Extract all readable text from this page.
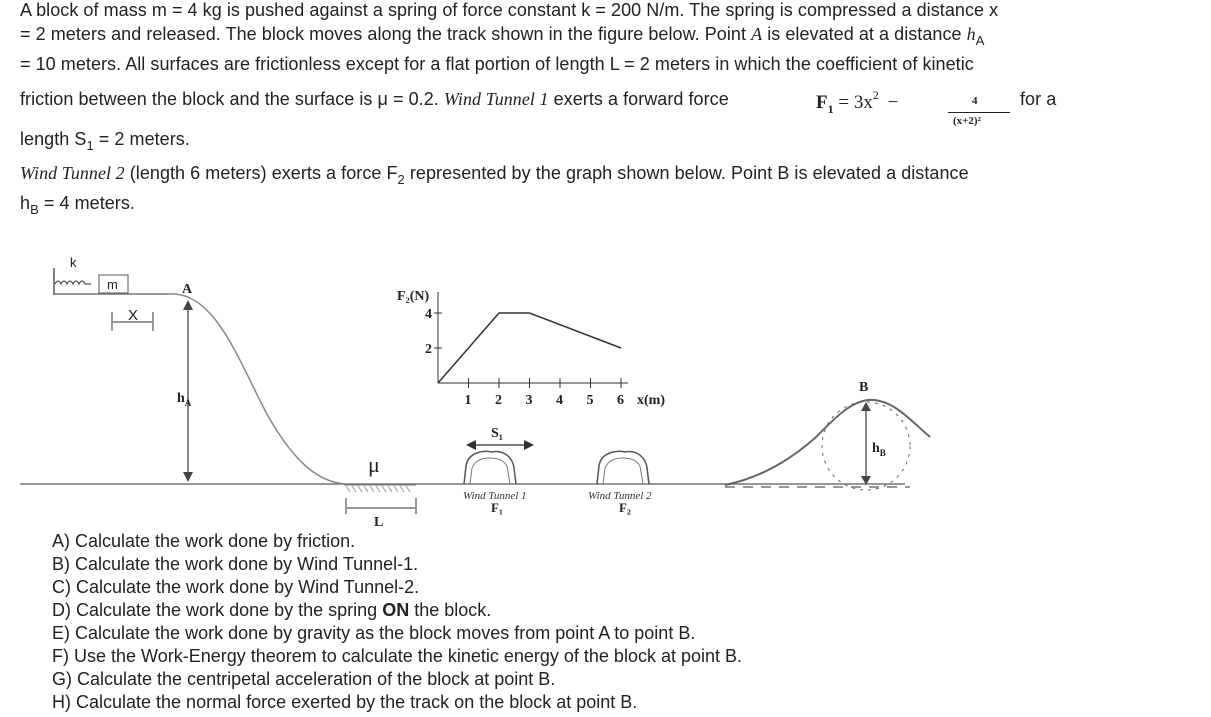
A block of mass m = 4 kg is pushed against a spring of force constant k = 200 N/m. The spring is compressed a distance x
= 2 meters and released. The block moves along the track shown in the figure below. Point A is elevated at a distance $h_A$
= 10 meters. All surfaces are frictionless except for a flat portion of length L = 2 meters in which the coefficient of kinetic
friction between the block and the surface is μ = 0.2. Wind Tunnel 1 exerts a forward force	for a
$F_1 = 3x^2$ −	4
(x+2)²
length $S_1 = 2$ meters.
Wind Tunnel 2 (length 6 meters) exerts a force $F_2$ represented by the graph shown below. Point B is elevated a distance
$h_B = 4$ meters.
k
m
X
A
$h_A$
μ
L
F₂(N)
2
4
1 2 3 4 5 6 x(m)
S₁
Wind Tunnel 1
F₁
Wind Tunnel 2
F₂
B
$h_B$
A) Calculate the work done by friction.
B) Calculate the work done by Wind Tunnel-1.
C) Calculate the work done by Wind Tunnel-2.
D) Calculate the work done by the spring ON the block.
E) Calculate the work done by gravity as the block moves from point A to point B.
F) Use the Work-Energy theorem to calculate the kinetic energy of the block at point B.
G) Calculate the centripetal acceleration of the block at point B.
H) Calculate the normal force exerted by the track on the block at point B.
